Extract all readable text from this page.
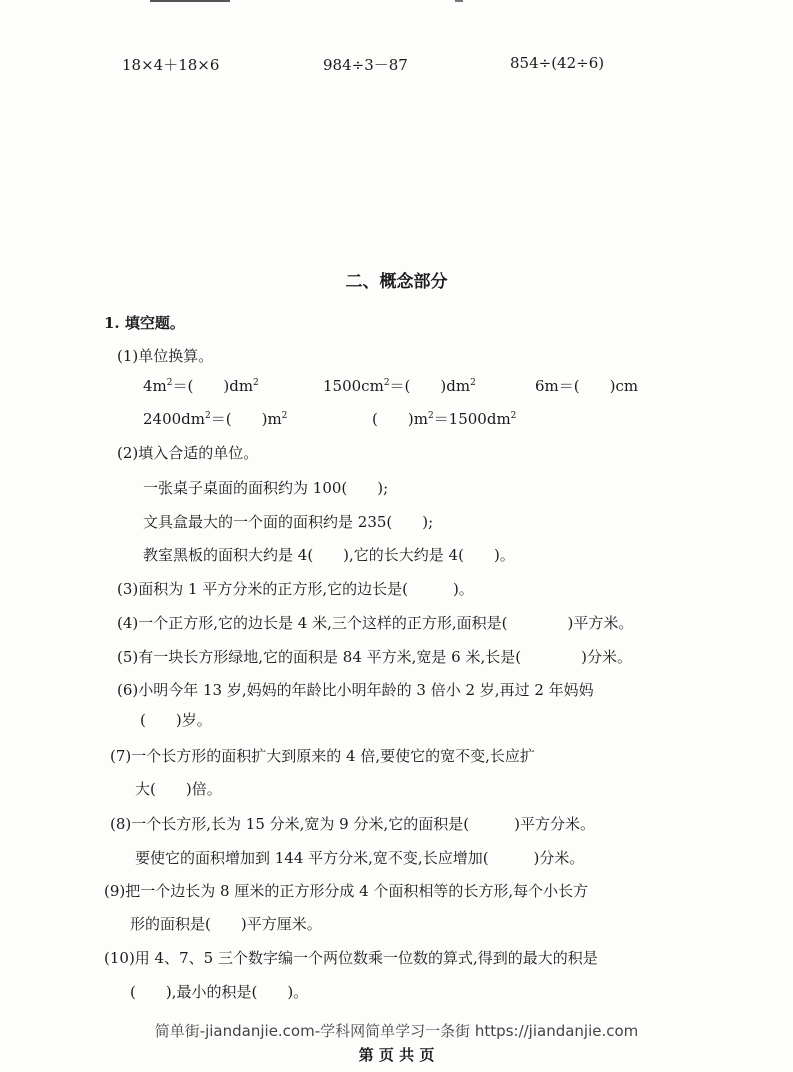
18×4＋18×6	984÷3－87	854÷(42÷6)
二、概念部分
1. 填空题。
(1)单位换算。
$4m^2=$(　　)$dm^2$	$1500cm^2=$(　　)$dm^2$	6m＝(　　)cm
$2400dm^2=$(　　)$m^2$	(　　)$m^2=1500dm^2$
(2)填入合适的单位。
一张桌子桌面的面积约为 100(　　);
文具盒最大的一个面的面积约是 235(　　);
教室黑板的面积大约是 4(　　),它的长大约是 4(　　)。
(3)面积为 1 平方分米的正方形,它的边长是(　　　)。
(4)一个正方形,它的边长是 4 米,三个这样的正方形,面积是(　　　　)平方米。
(5)有一块长方形绿地,它的面积是 84 平方米,宽是 6 米,长是(　　　　)分米。
(6)小明今年 13 岁,妈妈的年龄比小明年龄的 3 倍小 2 岁,再过 2 年妈妈
(　　)岁。
(7)一个长方形的面积扩大到原来的 4 倍,要使它的宽不变,长应扩
大(　　)倍。
(8)一个长方形,长为 15 分米,宽为 9 分米,它的面积是(　　　)平方分米。
要使它的面积增加到 144 平方分米,宽不变,长应增加(　　　)分米。
(9)把一个边长为 8 厘米的正方形分成 4 个面积相等的长方形,每个小长方
形的面积是(　　)平方厘米。
(10)用 4、7、5 三个数字编一个两位数乘一位数的算式,得到的最大的积是
(　　),最小的积是(　　)。
简单街-jiandanjie.com-学科网简单学习一条街 https://jiandanjie.com
第 页 共 页
